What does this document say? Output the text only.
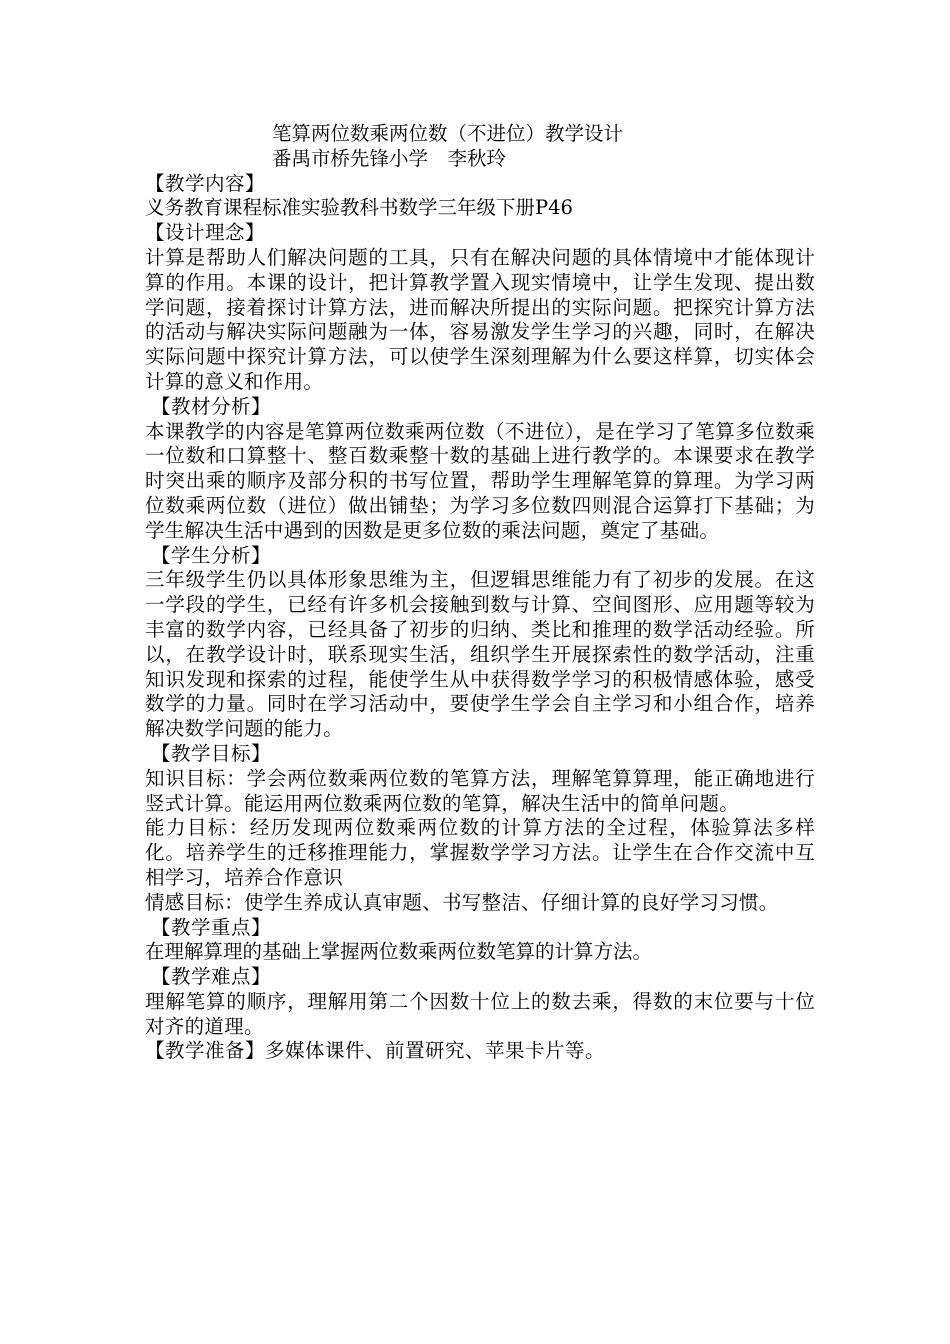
笔算两位数乘两位数（不进位）教学设计
番禺市桥先锋小学　李秋玲
【教学内容】
义务教育课程标准实验教科书数学三年级下册P46
【设计理念】
计算是帮助人们解决问题的工具，只有在解决问题的具体情境中才能体现计算的作用。本课的设计，把计算教学置入现实情境中，让学生发现、提出数学问题，接着探讨计算方法，进而解决所提出的实际问题。把探究计算方法的活动与解决实际问题融为一体，容易激发学生学习的兴趣，同时，在解决实际问题中探究计算方法，可以使学生深刻理解为什么要这样算，切实体会计算的意义和作用。
【教材分析】
本课教学的内容是笔算两位数乘两位数（不进位），是在学习了笔算多位数乘一位数和口算整十、整百数乘整十数的基础上进行教学的。本课要求在教学时突出乘的顺序及部分积的书写位置，帮助学生理解笔算的算理。为学习两位数乘两位数（进位）做出铺垫；为学习多位数四则混合运算打下基础；为学生解决生活中遇到的因数是更多位数的乘法问题，奠定了基础。
【学生分析】
三年级学生仍以具体形象思维为主，但逻辑思维能力有了初步的发展。在这一学段的学生，已经有许多机会接触到数与计算、空间图形、应用题等较为丰富的数学内容，已经具备了初步的归纳、类比和推理的数学活动经验。所以，在教学设计时，联系现实生活，组织学生开展探索性的数学活动，注重知识发现和探索的过程，能使学生从中获得数学学习的积极情感体验，感受数学的力量。同时在学习活动中，要使学生学会自主学习和小组合作，培养解决数学问题的能力。
【教学目标】
知识目标：学会两位数乘两位数的笔算方法，理解笔算算理，能正确地进行竖式计算。能运用两位数乘两位数的笔算，解决生活中的简单问题。
能力目标：经历发现两位数乘两位数的计算方法的全过程，体验算法多样化。培养学生的迁移推理能力，掌握数学学习方法。让学生在合作交流中互相学习，培养合作意识
情感目标：使学生养成认真审题、书写整洁、仔细计算的良好学习习惯。
【教学重点】
在理解算理的基础上掌握两位数乘两位数笔算的计算方法。
【教学难点】
理解笔算的顺序，理解用第二个因数十位上的数去乘，得数的末位要与十位对齐的道理。
【教学准备】多媒体课件、前置研究、苹果卡片等。
